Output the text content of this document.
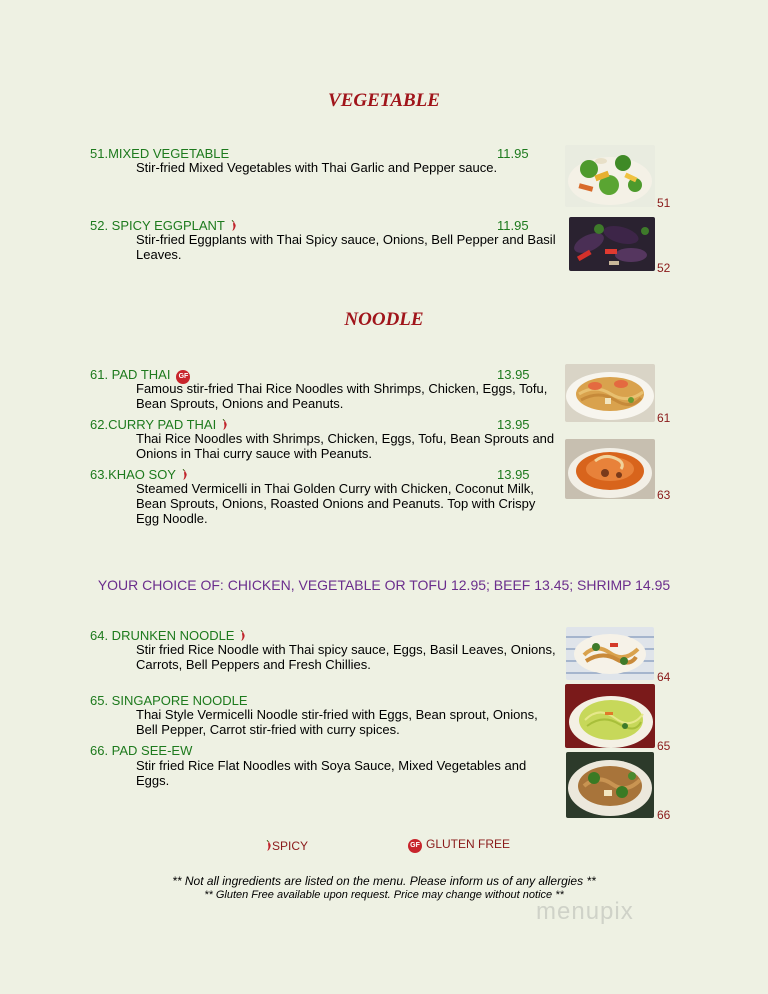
VEGETABLE
51.MIXED VEGETABLE	11.95
Stir-fried Mixed Vegetables with Thai Garlic and Pepper sauce.
51
52. SPICY EGGPLANT	11.95
Stir-fried Eggplants with Thai Spicy sauce, Onions, Bell Pepper and Basil Leaves.
52
NOODLE
61. PAD THAI GF	13.95
Famous stir-fried Thai Rice Noodles with Shrimps, Chicken, Eggs, Tofu, Bean Sprouts, Onions and Peanuts.
61
62.CURRY PAD THAI	13.95
Thai Rice Noodles with Shrimps, Chicken, Eggs, Tofu, Bean Sprouts and Onions in Thai curry sauce with Peanuts.
63.KHAO SOY	13.95
Steamed Vermicelli in Thai Golden Curry with Chicken, Coconut Milk, Bean Sprouts, Onions, Roasted Onions and Peanuts. Top with Crispy Egg Noodle.
63
YOUR CHOICE OF: CHICKEN, VEGETABLE OR TOFU 12.95; BEEF 13.45; SHRIMP 14.95
64. DRUNKEN NOODLE
Stir fried Rice Noodle with Thai spicy sauce, Eggs, Basil Leaves, Onions, Carrots, Bell Peppers and Fresh Chillies.
64
65. SINGAPORE NOODLE
Thai Style Vermicelli Noodle stir-fried with Eggs, Bean sprout, Onions, Bell Pepper, Carrot stir-fried with curry spices.
65
66. PAD SEE-EW
Stir fried Rice Flat Noodles with Soya Sauce, Mixed Vegetables and Eggs.
66
SPICY	GF GLUTEN FREE
** Not all ingredients are listed on the menu. Please inform us of any allergies **
** Gluten Free available upon request. Price may change without notice **
menupix
